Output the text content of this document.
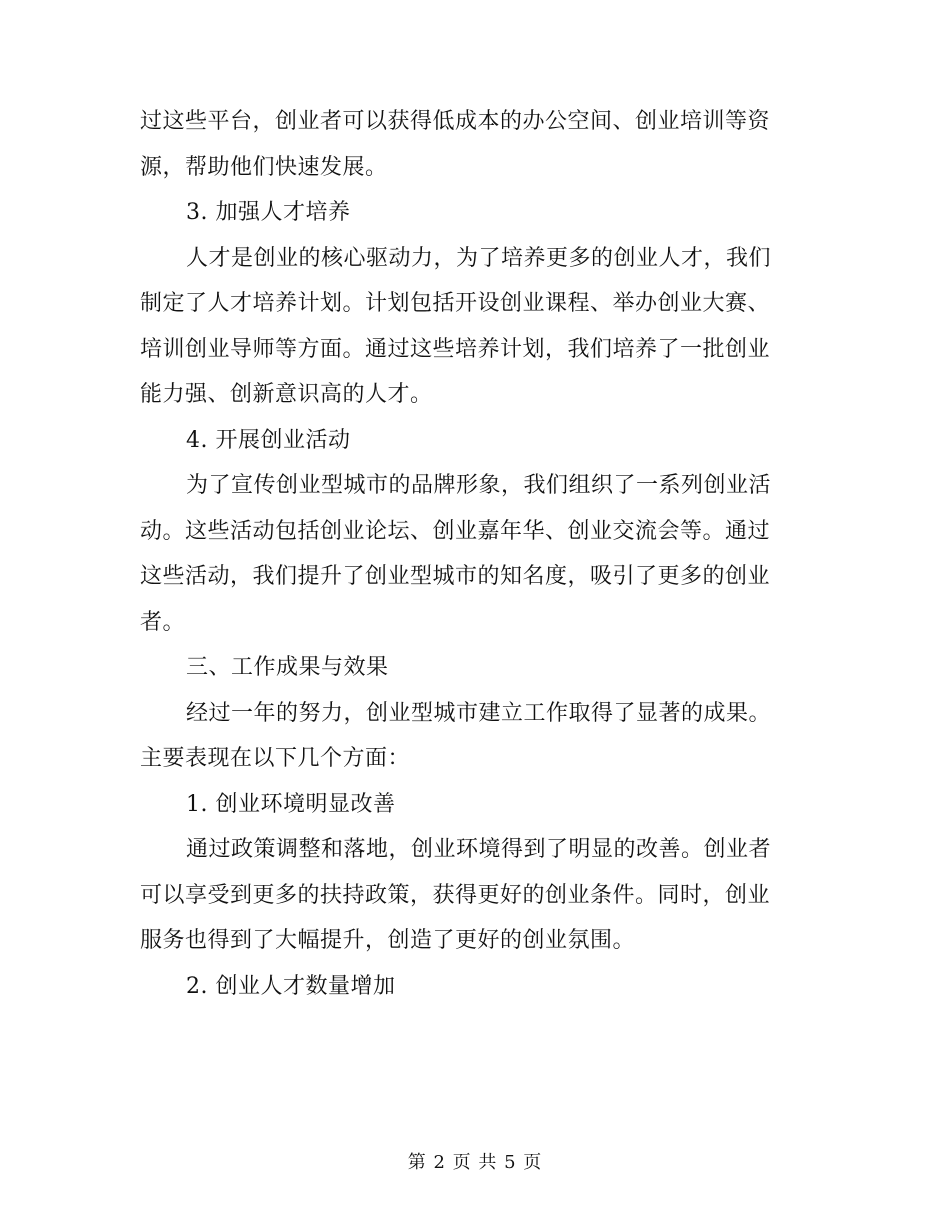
过这些平台，创业者可以获得低成本的办公空间、创业培训等资
源，帮助他们快速发展。
3. 加强人才培养
人才是创业的核心驱动力，为了培养更多的创业人才，我们
制定了人才培养计划。计划包括开设创业课程、举办创业大赛、
培训创业导师等方面。通过这些培养计划，我们培养了一批创业
能力强、创新意识高的人才。
4. 开展创业活动
为了宣传创业型城市的品牌形象，我们组织了一系列创业活
动。这些活动包括创业论坛、创业嘉年华、创业交流会等。通过
这些活动，我们提升了创业型城市的知名度，吸引了更多的创业
者。
三、工作成果与效果
经过一年的努力，创业型城市建立工作取得了显著的成果。
主要表现在以下几个方面：
1. 创业环境明显改善
通过政策调整和落地，创业环境得到了明显的改善。创业者
可以享受到更多的扶持政策，获得更好的创业条件。同时，创业
服务也得到了大幅提升，创造了更好的创业氛围。
2. 创业人才数量增加
第 2 页 共 5 页
